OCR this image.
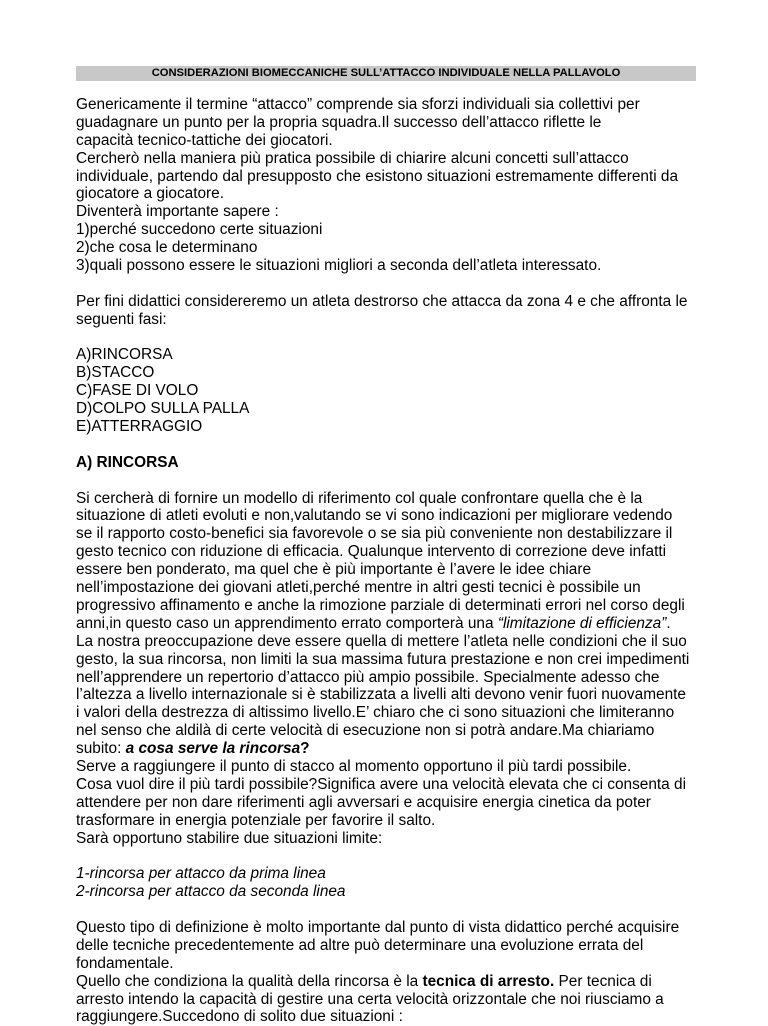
CONSIDERAZIONI BIOMECCANICHE SULL’ATTACCO INDIVIDUALE NELLA PALLAVOLO
Genericamente il termine “attacco” comprende sia sforzi individuali sia collettivi per
guadagnare un punto per la propria squadra.Il successo dell’attacco riflette le
capacità tecnico-tattiche dei giocatori.
Cercherò nella maniera più pratica possibile di chiarire alcuni concetti sull’attacco
individuale, partendo dal presupposto che esistono situazioni estremamente differenti da
giocatore a giocatore.
Diventerà importante sapere :
1)perché succedono certe situazioni
2)che cosa le determinano
3)quali possono essere le situazioni migliori a seconda dell’atleta interessato.
Per fini didattici considereremo un atleta destrorso che attacca da zona 4 e che affronta le
seguenti fasi:
A)RINCORSA
B)STACCO
C)FASE DI VOLO
D)COLPO SULLA PALLA
E)ATTERRAGGIO
A) RINCORSA
Si cercherà di fornire un modello di riferimento col quale confrontare quella che è la
situazione di atleti evoluti e non,valutando se vi sono indicazioni per migliorare vedendo
se il rapporto costo-benefici sia favorevole o se sia più conveniente non destabilizzare il
gesto tecnico con riduzione di efficacia. Qualunque intervento di correzione deve infatti
essere ben ponderato, ma quel che è più importante è l’avere le idee chiare
nell’impostazione dei giovani atleti,perché mentre in altri gesti tecnici è possibile un
progressivo affinamento e anche la rimozione parziale di determinati errori nel corso degli
anni,in questo caso un apprendimento errato comporterà una “limitazione di efficienza”.
La nostra preoccupazione deve essere quella di mettere l’atleta nelle condizioni che il suo
gesto, la sua rincorsa, non limiti la sua massima futura prestazione e non crei impedimenti
nell’apprendere un repertorio d’attacco più ampio possibile. Specialmente adesso che
l’altezza a livello internazionale si è stabilizzata a livelli alti devono venir fuori nuovamente
i valori della destrezza di altissimo livello.E’ chiaro che ci sono situazioni che limiteranno
nel senso che aldilà di certe velocità di esecuzione non si potrà andare.Ma chiariamo
subito: a cosa serve la rincorsa?
Serve a raggiungere il punto di stacco al momento opportuno il più tardi possibile.
Cosa vuol dire il più tardi possibile?Significa avere una velocità elevata che ci consenta di
attendere per non dare riferimenti agli avversari e acquisire energia cinetica da poter
trasformare in energia potenziale per favorire il salto.
Sarà opportuno stabilire due situazioni limite:
1-rincorsa per attacco da prima linea
2-rincorsa per attacco da seconda linea
Questo tipo di definizione è molto importante dal punto di vista didattico perché acquisire
delle tecniche precedentemente ad altre può determinare una evoluzione errata del
fondamentale.
Quello che condiziona la qualità della rincorsa è la tecnica di arresto. Per tecnica di
arresto intendo la capacità di gestire una certa velocità orizzontale che noi riusciamo a
raggiungere.Succedono di solito due situazioni :
